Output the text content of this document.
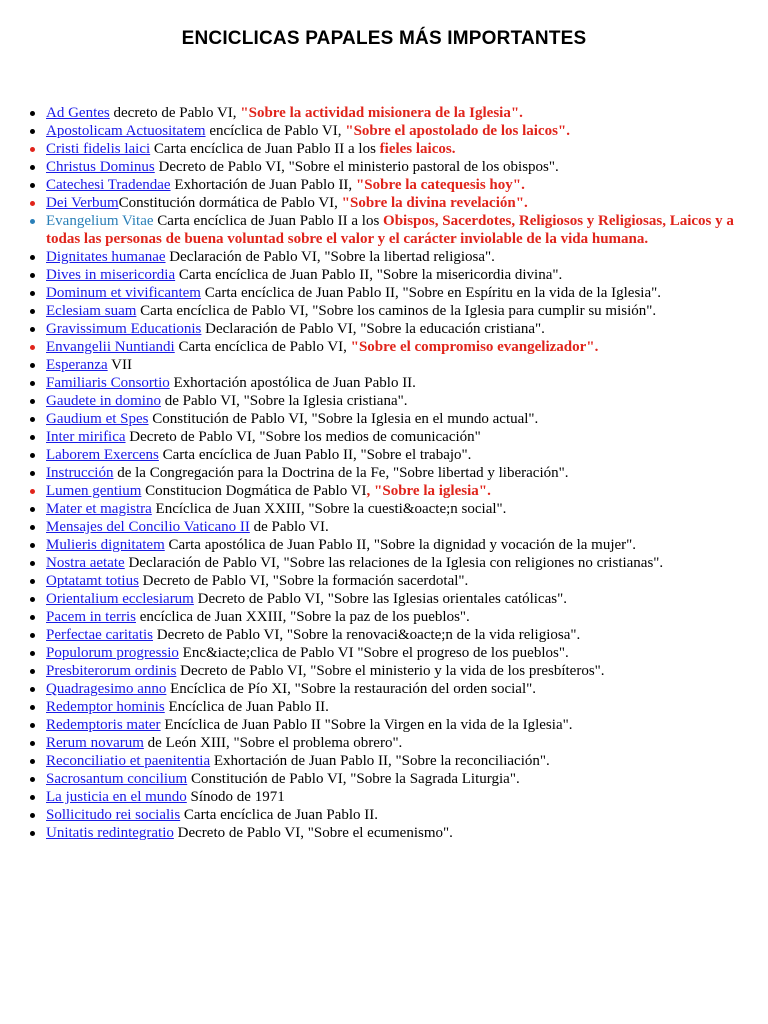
ENCICLICAS PAPALES MÁS IMPORTANTES
Ad Gentes decreto de Pablo VI, "Sobre la actividad misionera de la Iglesia".
Apostolicam Actuositatem encíclica de Pablo VI, "Sobre el apostolado de los laicos".
Cristi fidelis laici Carta encíclica de Juan Pablo II a los fieles laicos.
Christus Dominus Decreto de Pablo VI, "Sobre el ministerio pastoral de los obispos".
Catechesi Tradendae Exhortación de Juan Pablo II, "Sobre la catequesis hoy".
Dei VerbumConstitución dormática de Pablo VI, "Sobre la divina revelación".
Evangelium Vitae Carta encíclica de Juan Pablo II a los Obispos, Sacerdotes, Religiosos y Religiosas, Laicos y a todas las personas de buena voluntad sobre el valor y el carácter inviolable de la vida humana.
Dignitates humanae Declaración de Pablo VI, "Sobre la libertad religiosa".
Dives in misericordia Carta encíclica de Juan Pablo II, "Sobre la misericordia divina".
Dominum et vivificantem Carta encíclica de Juan Pablo II, "Sobre en Espíritu en la vida de la Iglesia".
Eclesiam suam Carta encíclica de Pablo VI, "Sobre los caminos de la Iglesia para cumplir su misión".
Gravissimum Educationis Declaración de Pablo VI, "Sobre la educación cristiana".
Envangelii Nuntiandi Carta encíclica de Pablo VI, "Sobre el compromiso evangelizador".
Esperanza VII
Familiaris Consortio Exhortación apostólica de Juan Pablo II.
Gaudete in domino de Pablo VI, "Sobre la Iglesia cristiana".
Gaudium et Spes Constitución de Pablo VI, "Sobre la Iglesia en el mundo actual".
Inter mirifica Decreto de Pablo VI, "Sobre los medios de comunicación"
Laborem Exercens Carta encíclica de Juan Pablo II, "Sobre el trabajo".
Instrucción de la Congregación para la Doctrina de la Fe, "Sobre libertad y liberación".
Lumen gentium Constitucion Dogmática de Pablo VI, "Sobre la iglesia".
Mater et magistra Encíclica de Juan XXIII, "Sobre la cuesti&oacte;n social".
Mensajes del Concilio Vaticano II de Pablo VI.
Mulieris dignitatem Carta apostólica de Juan Pablo II, "Sobre la dignidad y vocación de la mujer".
Nostra aetate Declaración de Pablo VI, "Sobre las relaciones de la Iglesia con religiones no cristianas".
Optatamt totius Decreto de Pablo VI, "Sobre la formación sacerdotal".
Orientalium ecclesiarum Decreto de Pablo VI, "Sobre las Iglesias orientales católicas".
Pacem in terris encíclica de Juan XXIII, "Sobre la paz de los pueblos".
Perfectae caritatis Decreto de Pablo VI, "Sobre la renovaci&oacte;n de la vida religiosa".
Populorum progressio Enc&iacte;clica de Pablo VI "Sobre el progreso de los pueblos".
Presbiterorum ordinis Decreto de Pablo VI, "Sobre el ministerio y la vida de los presbíteros".
Quadragesimo anno Encíclica de Pío XI, "Sobre la restauración del orden social".
Redemptor hominis Encíclica de Juan Pablo II.
Redemptoris mater Encíclica de Juan Pablo II "Sobre la Virgen en la vida de la Iglesia".
Rerum novarum de León XIII, "Sobre el problema obrero".
Reconciliatio et paenitentia Exhortación de Juan Pablo II, "Sobre la reconciliación".
Sacrosantum concilium Constitución de Pablo VI, "Sobre la Sagrada Liturgia".
La justicia en el mundo Sínodo de 1971
Sollicitudo rei socialis Carta encíclica de Juan Pablo II.
Unitatis redintegratio Decreto de Pablo VI, "Sobre el ecumenismo".
